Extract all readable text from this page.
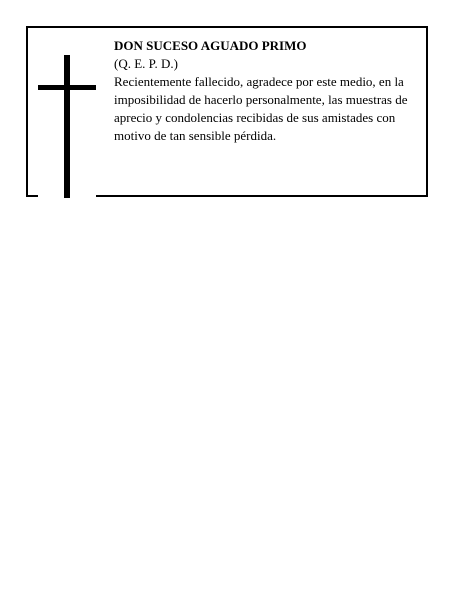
DON SUCESO AGUADO PRIMO

(Q. E. P. D.)

Recientemente fallecido, agradece por este medio, en la imposibilidad de hacerlo personalmente, las muestras de aprecio y condolencias recibidas de sus amistades con motivo de tan sensible pérdida.
